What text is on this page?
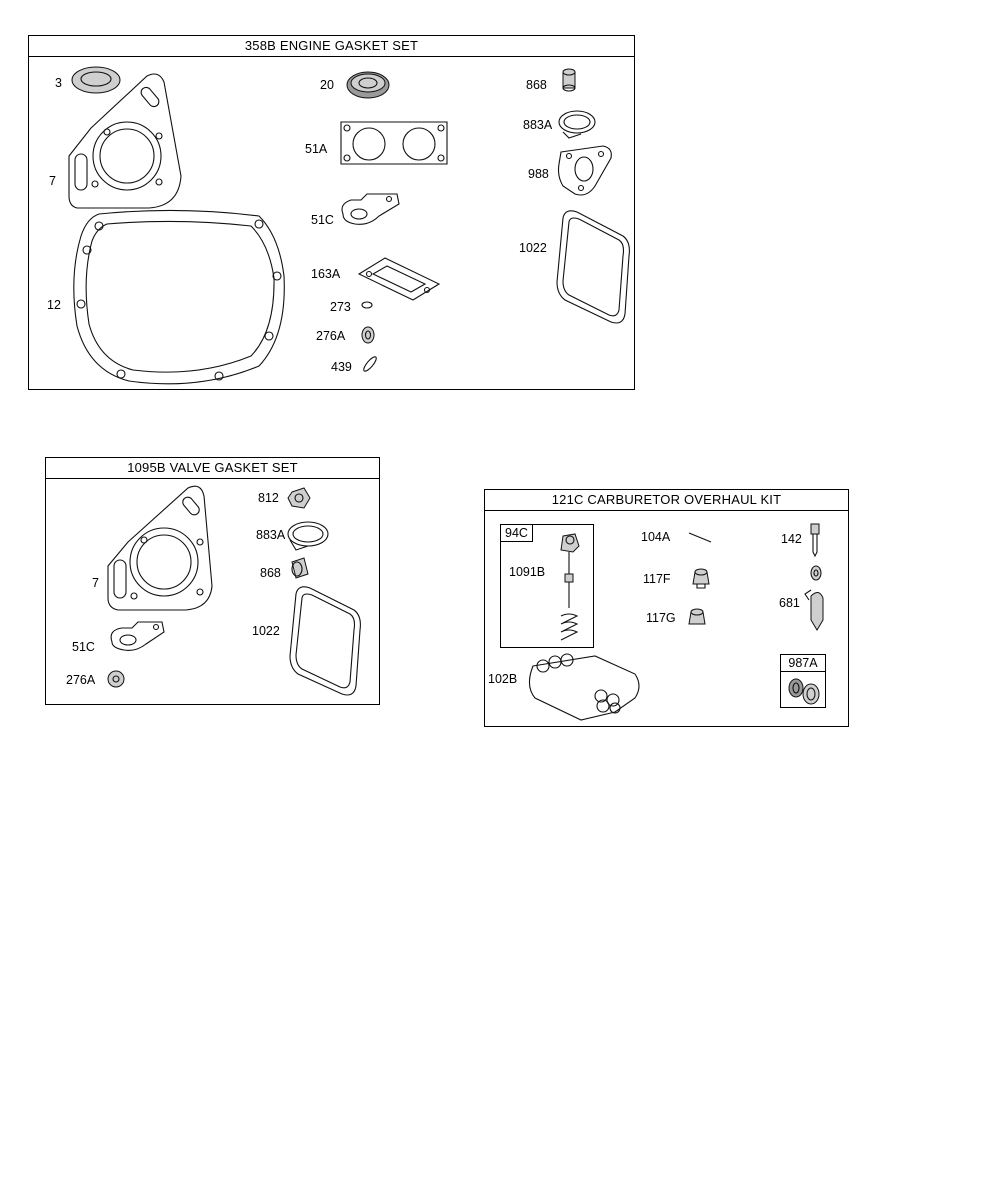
358B ENGINE GASKET SET
3
7
12
20
51A
51C
163A
273
276A
439
868
883A
988
1022
1095B VALVE GASKET SET
7
51C
276A
812
883A
868
1022
121C CARBURETOR OVERHAUL KIT
94C
987A
104A
117F
117G
142
681
102B
1091B
